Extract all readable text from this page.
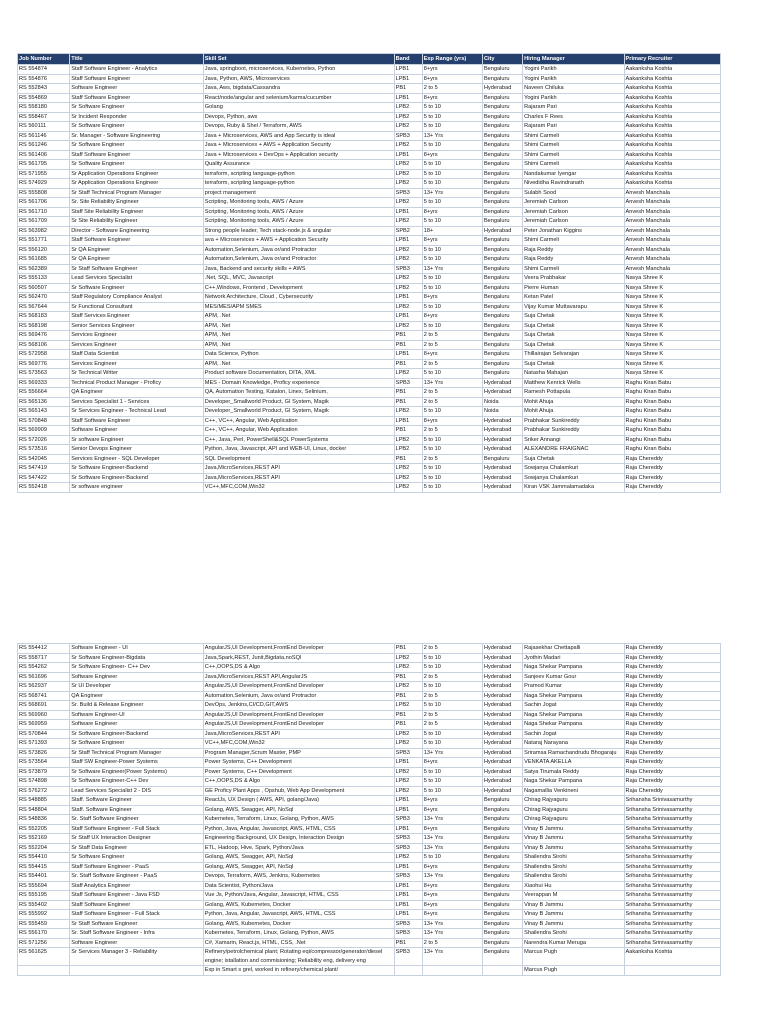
Job Number	Title	Skill Set	Band	Exp Range (yrs)	City	Hiring Manager	Primary Recruiter
RS 554874	Staff Software Engineer - Analytics	Java, springboot, microservices, Kubernetes, Python	LPB1	8+yrs	Bengaluru	Yogini Parikh	Aakanksha Koshta
RS 554876	Staff Software Engineer	Java, Python, AWS, Microservices	LPB1	8+yrs	Bengaluru	Yogini Parikh	Aakanksha Koshta
RS 552843	Software Engineer	Java, Aws, bigdata/Cassandra	PB1	2 to 5	Hyderabad	Naveen Chiluka	Aakanksha Koshta
RS 554869	Staff Software Engineer	React/node/angular and selenium/karma/cucumber	LPB1	8+yrs	Bengaluru	Yogini Parikh	Aakanksha Koshta
RS 558180	Sr Software Engineer	Golang	LPB2	5 to 10	Bengaluru	Rajaram Pari	Aakanksha Koshta
RS 558467	Sr Incident Responder	Devops, Python, aws	LPB2	5 to 10	Bengaluru	Charles F Rees	Aakanksha Koshta
RS 560111	Sr Software Engineer	Devops, Ruby & Shel / Terraform, AWS	LPB2	5 to 10	Bengaluru	Rajaram Pari	Aakanksha Koshta
RS 561146	Sr. Manager - Software Engineering	Java + Microservices, AWS and App Security is ideal	SPB3	13+ Yrs	Bengaluru	Shimi Carmeli	Aakanksha Koshta
RS 561246	Sr Software Engineer	Java + Microservices + AWS + Application Security	LPB2	5 to 10	Bengaluru	Shimi Carmeli	Aakanksha Koshta
RS 561406	Staff Software Engineer	Java + Microservices + DevOps + Application security	LPB1	8+yrs	Bengaluru	Shimi Carmeli	Aakanksha Koshta
RS 561795	Sr Software Engineer	Quality Assurance	LPB2	5 to 10	Bengaluru	Shimi Carmeli	Aakanksha Koshta
RS 571955	Sr Application Operations Engineer	terraform, scripting language-python	LPB2	5 to 10	Bengaluru	Nandakumar Iyengar	Aakanksha Koshta
RS 574929	Sr Application Operations Engineer	terraform, scripting language-python	LPB2	5 to 10	Bengaluru	Nivedidha Ravindranath	Aakanksha Koshta
RS 555808	Sr Staff Technical Program Manager	project management	SPB3	13+ Yrs	Bengaluru	Sulabh Sood	Anvesh Manchala
RS 561706	Sr. Site Reliability Engineer	Scripting, Monitoring tools, AWS / Azure	LPB2	5 to 10	Bengaluru	Jeremiah Carlson	Anvesh Manchala
RS 561710	Staff Site Reliability Engineer	Scripting, Monitoring tools, AWS / Azure	LPB1	8+yrs	Bengaluru	Jeremiah Carlson	Anvesh Manchala
RS 561709	Sr Site Reliability Engineer	Scripting, Monitoring tools, AWS / Azure	LPB2	5 to 10	Bengaluru	Jeremiah Carlson	Anvesh Manchala
RS 563982	Director - Software Engineering	Strong people leader, Tech stack-node.js & angular	SPB2	18+	Hyderabad	Peter Jonathan Kiggins	Anvesh Manchala
RS 551771	Staff Software Engineer	ava + Microservices + AWS + Application Security	LPB1	8+yrs	Bengaluru	Shimi Carmeli	Anvesh Manchala
RS 556120	Sr QA Engineer	Automation,Selenium, Java or/and Protractor	LPB2	5 to 10	Bengaluru	Raja Reddy	Anvesh Manchala
RS 561685	Sr QA Engineer	Automation,Selenium, Java or/and Protractor	LPB2	5 to 10	Bengaluru	Raja Reddy	Anvesh Manchala
RS 562389	Sr Staff Software Engineer	Java, Backend and security skills + AWS	SPB3	13+ Yrs	Bengaluru	Shimi Carmeli	Anvesh Manchala
RS 555133	Lead Services Specialist	.Net, SQL, MVC, Javascript	LPB2	5 to 10	Bengaluru	Veera Prabhakar	Navya Shree K
RS 560507	Sr Software Engineer	C++,Windows, Frontend , Development	LPB2	5 to 10	Bengaluru	Pierre Human	Navya Shree K
RS 562470	Staff Regulatory Compliance Analyst	Network Architecture, Cloud , Cybersecurity	LPB1	8+yrs	Bengaluru	Ketan Patel	Navya Shree K
RS 567644	Sr Functional Consultant	MES/MES/APM SMES	LPB2	5 to 10	Bengaluru	Vijay Kumar Muttavarapu	Navya Shree K
RS 568183	Staff Services Engineer	APM, .Net	LPB1	8+yrs	Bengaluru	Suja Chetak	Navya Shree K
RS 568198	Senior Services Engineer	APM, .Net	LPB2	5 to 10	Bengaluru	Suja Chetak	Navya Shree K
RS 569476	Services Engineer	APM, .Net	PB1	2 to 5	Bengaluru	Suja Chetak	Navya Shree K
RS 568106	Services Engineer	APM, .Net	PB1	2 to 5	Bengaluru	Suja Chetak	Navya Shree K
RS 572958	Staff Data Scientist	Data Science, Python	LPB1	8+yrs	Bengaluru	Thillairajan Selvarajan	Navya Shree K
RS 569776	Services Engineer	APM, .Net	PB1	2 to 5	Bengaluru	Suja Chetak	Navya Shree K
RS 573563	Sr Technical Writer	Product software Documentation, DITA, XML	LPB2	5 to 10	Bengaluru	Natasha Mahajan	Navya Shree K
RS 569333	Technical Product Manager - Proficy	MES - Domain Knowledge, Proficy experience	SPB3	13+ Yrs	Hyderabad	Matthew Kenrick Wells	Raghu Kiran Babu
RS 556664	QA Engineer	QA, Automation Testing, Katalon, Linex, Selinium,	PB1	2 to 5	Hyderabad	Ramesh Pottapula	Raghu Kiran Babu
RS 565136	Services Specialist 1 - Services	Developer_Smallworld Product, GI System, Magik	PB1	2 to 5	Noida	Mohit Ahuja	Raghu Kiran Babu
RS 565143	Sr Services Engineer - Technical Lead	Developer_Smallworld Product, GI System, Magik	LPB2	5 to 10	Noida	Mohit Ahuja	Raghu Kiran Babu
RS 570848	Staff Software Engineer	C++, VC++, Angular, Web Application	LPB1	8+yrs	Hyderabad	Prabhakar Sunkireddy	Raghu Kiran Babu
RS 569909	Software Engineer	C++, VC++, Angular, Web Application	PB1	2 to 5	Hyderabad	Prabhakar Sunkireddy	Raghu Kiran Babu
RS 572026	Sr software Engineer	C++, Java, Perl, PowerShell&SQL PowerSystems	LPB2	5 to 10	Hyderabad	Sriker Annangi	Raghu Kiran Babu
RS 573516	Senior Devops Engineer	Python, Java, Javascript, API and WEB-UI, Linux, docker	LPB2	5 to 10	Hyderabad	ALEXANDRE FRAIGNAC	Raghu Kiran Babu
RS 542045	Services Engineer - SQL Developer	SQL Development	PB1	2 to 5	Bengaluru	Suja Chetak	Raja Chereddy
RS 547419	Sr Software Engineer-Backend	Java,MicroServices,REST API	LPB2	5 to 10	Hyderabad	Sowjanya Chalamkuri	Raja Chereddy
RS 547422	Sr Software Engineer-Backend	Java,MicroServices,REST API	LPB2	5 to 10	Hyderabad	Sowjanya Chalamkuri	Raja Chereddy
RS 552418	Sr software engineer	VC++,MFC,COM,Win32	LPB2	5 to 10	Hyderabad	Kiran VSK Jammalamadaka	Raja Chereddy
RS 554412	Software Engineer - UI	AngularJS,UI Development,FrontEnd Developer	PB1	2 to 5	Hyderabad	Rajasekhar Chettapalli	Raja Chereddy
RS 558717	Sr Software Engineer-Bigdata	Java,Spark,REST, Junit,Bigdata,noSQl	LPB2	5 to 10	Hyderabad	Jyothin Madari	Raja Chereddy
RS 554262	Sr Software Engineer- C++ Dev	C++,OOPS,DS & Algo	LPB2	5 to 10	Hyderabad	Naga Shekar Pampana	Raja Chereddy
RS 561696	Software Engineer	Java,MicroServices,REST API,AngularJS	PB1	2 to 5	Hyderabad	Sanjeev Kumar Gour	Raja Chereddy
RS 562937	Sr UI Developer	AngularJS,UI Development,FrontEnd Developer	LPB2	5 to 10	Hyderabad	Pramod Kumar	Raja Chereddy
RS 568741	QA Engineer	Automation,Selenium, Java or/and Protractor	PB1	2 to 5	Hyderabad	Naga Shekar Pampana	Raja Chereddy
RS 568691	Sr. Build & Release Engineer	DevOps, Jenkins,CI/CD,GIT,AWS	LPB2	5 to 10	Hyderabad	Sachin Jogat	Raja Chereddy
RS 569960	Software Engineer-UI	AngularJS,UI Development,FrontEnd Developer	PB1	2 to 5	Hyderabad	Naga Shekar Pampana	Raja Chereddy
RS 569959	Software Engineer	AngularJS,UI Development,FrontEnd Developer	PB1	2 to 5	Hyderabad	Naga Shekar Pampana	Raja Chereddy
RS 570844	Sr Software Engineer-Backend	Java,MicroServices,REST API	LPB2	5 to 10	Hyderabad	Sachin Jogat	Raja Chereddy
RS 571393	Sr Software Engineer	VC++,MFC,COM,Win32	LPB2	5 to 10	Hyderabad	Nataraj Narayana	Raja Chereddy
RS 573826	Sr Staff Technical Program Manager	Program Manager,Scrum Master, PMP	SPB3	13+ Yrs	Hyderabad	Sriramsa Ramachandrudu Bhogaraju	Raja Chereddy
RS 573564	Staff SW Engineer-Power Systems	Power Systems, C++ Development	LPB1	8+yrs	Hyderabad	VENKATA AKELLA	Raja Chereddy
RS 573879	Sr Software Engineer(Power Systems)	Power Systems, C++ Development	LPB2	5 to 10	Hyderabad	Satya Tirumala Reddy	Raja Chereddy
RS 574898	Sr Software Engineer-C++ Dev	C++,OOPS,DS & Algo	LPB2	5 to 10	Hyderabad	Naga Shekar Pampana	Raja Chereddy
RS 576272	Lead Services Specialist 2 - DIS	GE Proficy Plant Apps , Opshub, Web App Development	LPB2	5 to 10	Hyderabad	Nagamallia Venkineni	Raja Chereddy
RS 548885	Staff. Software Engineer	ReactJs, UX Design ( AWS, API, golang/Java)	LPB1	8+yrs	Bengaluru	Chirag Rajyaguru	Srihansha Srinivasamurthy
RS 548804	Staff. Software Engineer	Golang, AWS, Swagger, API, NoSql	LPB1	8+yrs	Bengaluru	Chirag Rajyaguru	Srihansha Srinivasamurthy
RS 548836	Sr. Staff Software Engineer	Kubernetes, Terraform, Linux, Golang, Python, AWS	SPB3	13+ Yrs	Bengaluru	Chirag Rajyaguru	Srihansha Srinivasamurthy
RS 552205	Staff Software Engineer - Full Stack	Python, Java, Angular, Javascript, AWS, HTML, CSS	LPB1	8+yrs	Bengaluru	Vinay B Jammu	Srihansha Srinivasamurthy
RS 552169	Sr Staff UX Interaction Designer	Engineering Background, UX Design, Interaction Design	SPB3	13+ Yrs	Bengaluru	Vinay B Jammu	Srihansha Srinivasamurthy
RS 552204	Sr Staff Data Engineer	ETL, Hadoop, Hive, Spark, Python/Java	SPB3	13+ Yrs	Bengaluru	Vinay B Jammu	Srihansha Srinivasamurthy
RS 554410	Sr Software Engineer	Golang, AWS, Swagger, API, NoSql	LPB2	5 to 10	Bengaluru	Shailendra Sirohi	Srihansha Srinivasamurthy
RS 554415	Staff Software Engineer - PaaS	Golang, AWS, Swagger, API, NoSql	LPB1	8+yrs	Bengaluru	Shailendra Sirohi	Srihansha Srinivasamurthy
RS 554401	Sr. Staff Software Engineer - PaaS	Devops, Terraform, AWS, Jenkins, Kubernetes	SPB3	13+ Yrs	Bengaluru	Shailendra Sirohi	Srihansha Srinivasamurthy
RS 555694	Staff Analytics Engineer	Data Scientist, Python/Java	LPB1	8+yrs	Bengaluru	Xiaohui Hu	Srihansha Srinivasamurthy
RS 555195	Staff Software Engineer - Java FSD	Vue Js, Python/Java, Angular, Javascript, HTML, CSS	LPB1	8+yrs	Bengaluru	Veerappan M	Srihansha Srinivasamurthy
RS 555402	Staff Software Engineer	Golang, AWS, Kubernetes, Docker	LPB1	8+yrs	Bengaluru	Vinay B Jammu	Srihansha Srinivasamurthy
RS 555992	Staff Software Engineer - Full Stack	Python, Java, Angular, Javascript, AWS, HTML, CSS	LPB1	8+yrs	Bengaluru	Vinay B Jammu	Srihansha Srinivasamurthy
RS 555459	Sr Staff Software Engineer	Golang, AWS, Kubernetes, Docker	SPB3	13+ Yrs	Bengaluru	Vinay B Jammu	Srihansha Srinivasamurthy
RS 556170	Sr. Staff Software Engineer - Infra	Kubernetes, Terraform, Linux, Golang, Python, AWS	SPB3	13+ Yrs	Bengaluru	Shailendra Sirohi	Srihansha Srinivasamurthy
RS 571256	Software Engineer	C#, Xamarin, React.js, HTML, CSS, .Net	PB1	2 to 5	Bengaluru	Narendra Kumar Meruga	Srihansha Srinivasamurthy
RS 561625	Sr Services Manager 3 - Reliability	Refinery/petrolchemical plant; Rotating eqi/compressor/generator/diesel engine; istallation and commisioning; Reliability eng, delivery eng	SPB3	13+ Yrs	Bengaluru	Marcus Pugh	Aakanksha Koshta
		Exp in Smart s grel, worked in refinery/chemical plant/				Marcus Pugh	
